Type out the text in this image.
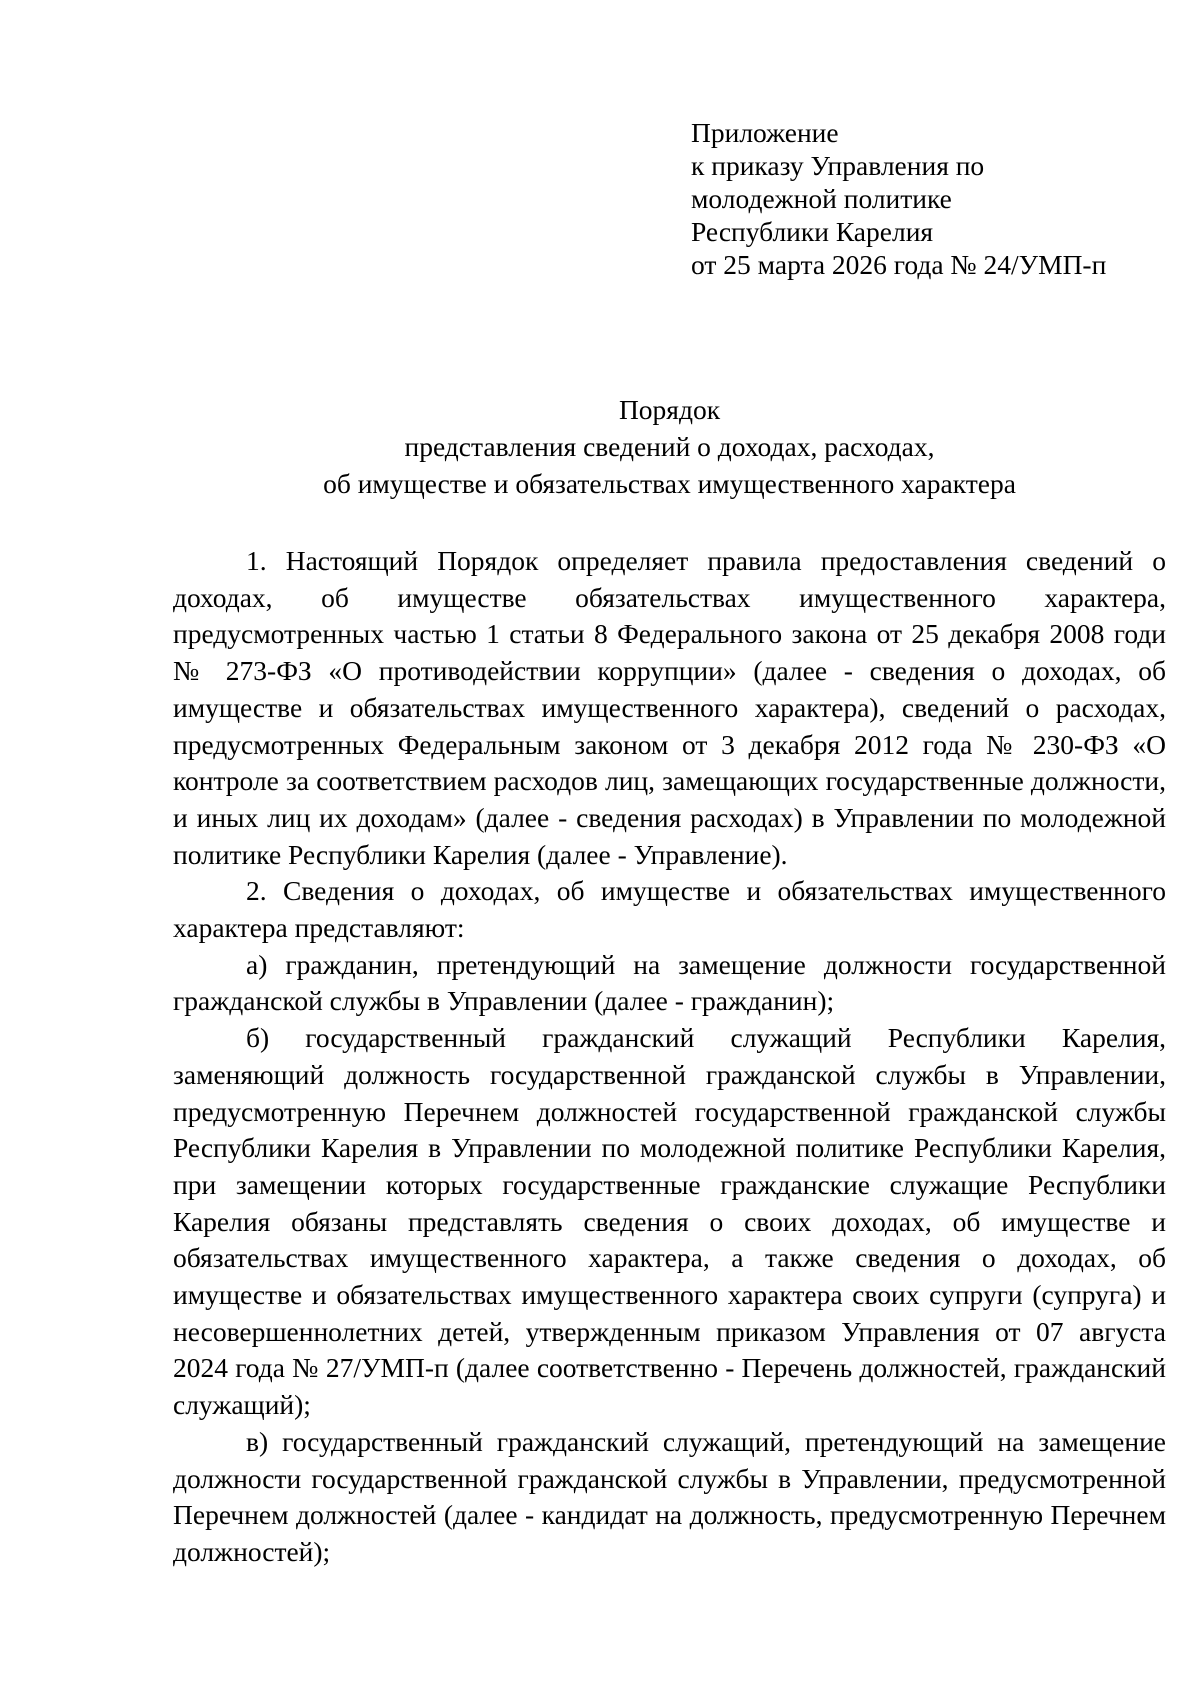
Приложение
к приказу Управления по
молодежной политике
Республики Карелия
от 25 марта 2026 года № 24/УМП-п
Порядок
представления сведений о доходах, расходах,
об имуществе и обязательствах имущественного характера

1. Настоящий Порядок определяет правила предоставления сведений о доходах, об имуществе обязательствах имущественного характера, предусмотренных частью 1 статьи 8 Федерального закона от 25 декабря 2008 годи № 273-ФЗ «О противодействии коррупции» (далее - сведения о доходах, об имуществе и обязательствах имущественного характера), сведений о расходах, предусмотренных Федеральным законом от 3 декабря 2012 года № 230-ФЗ «О контроле за соответствием расходов лиц, замещающих государственные должности, и иных лиц их доходам» (далее - сведения расходах) в Управлении по молодежной политике Республики Карелия (далее - Управление).

2. Сведения о доходах, об имуществе и обязательствах имущественного характера представляют:

а) гражданин, претендующий на замещение должности государственной гражданской службы в Управлении (далее - гражданин);

б) государственный гражданский служащий Республики Карелия, заменяющий должность государственной гражданской службы в Управлении, предусмотренную Перечнем должностей государственной гражданской службы Республики Карелия в Управлении по молодежной политике Республики Карелия, при замещении которых государственные гражданские служащие Республики Карелия обязаны представлять сведения о своих доходах, об имуществе и обязательствах имущественного характера, а также сведения о доходах, об имуществе и обязательствах имущественного характера своих супруги (супруга) и несовершеннолетних детей, утвержденным приказом Управления от 07 августа 2024 года № 27/УМП-п (далее соответственно - Перечень должностей, гражданский служащий);

в) государственный гражданский служащий, претендующий на замещение должности государственной гражданской службы в Управлении, предусмотренной Перечнем должностей (далее - кандидат на должность, предусмотренную Перечнем должностей);
